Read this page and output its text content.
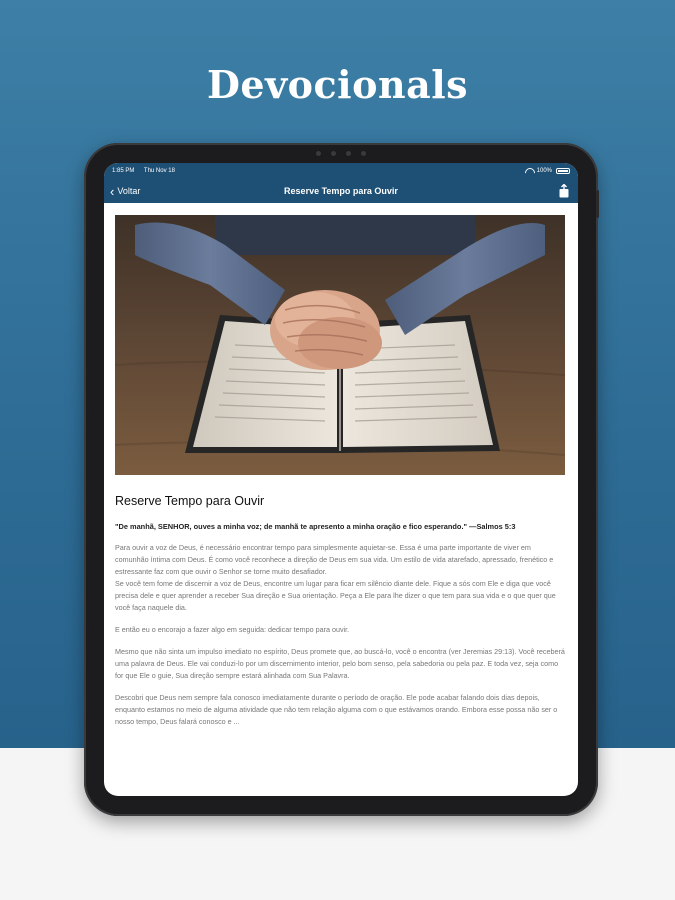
Devocionals
1:85 PM Thu Nov 18	100%
Reserve Tempo para Ouvir
‹ Voltar
Reserve Tempo para Ouvir
"De manhã, SENHOR, ouves a minha voz; de manhã te apresento a minha oração e fico esperando." —Salmos 5:3
Para ouvir a voz de Deus, é necessário encontrar tempo para simplesmente aquietar-se. Essa é uma parte importante de viver em comunhão íntima com Deus. É como você reconhece a direção de Deus em sua vida. Um estilo de vida atarefado, apressado, frenético e estressante faz com que ouvir o Senhor se torne muito desafiador.
Se você tem fome de discernir a voz de Deus, encontre um lugar para ficar em silêncio diante dele. Fique a sós com Ele e diga que você precisa dele e quer aprender a receber Sua direção e Sua orientação. Peça a Ele para lhe dizer o que tem para sua vida e o que quer que você faça naquele dia.
E então eu o encorajo a fazer algo em seguida: dedicar tempo para ouvir.
Mesmo que não sinta um impulso imediato no espírito, Deus promete que, ao buscá-lo, você o encontra (ver Jeremias 29:13). Você receberá uma palavra de Deus. Ele vai conduzi-lo por um discernimento interior, pelo bom senso, pela sabedoria ou pela paz. E toda vez, seja como for que Ele o guie, Sua direção sempre estará alinhada com Sua Palavra.
Descobri que Deus nem sempre fala conosco imediatamente durante o período de oração. Ele pode acabar falando dois dias depois, enquanto estamos no meio de alguma atividade que não tem relação alguma com o que estávamos orando. Embora esse possa não ser o nosso tempo, Deus falará conosco e ...
